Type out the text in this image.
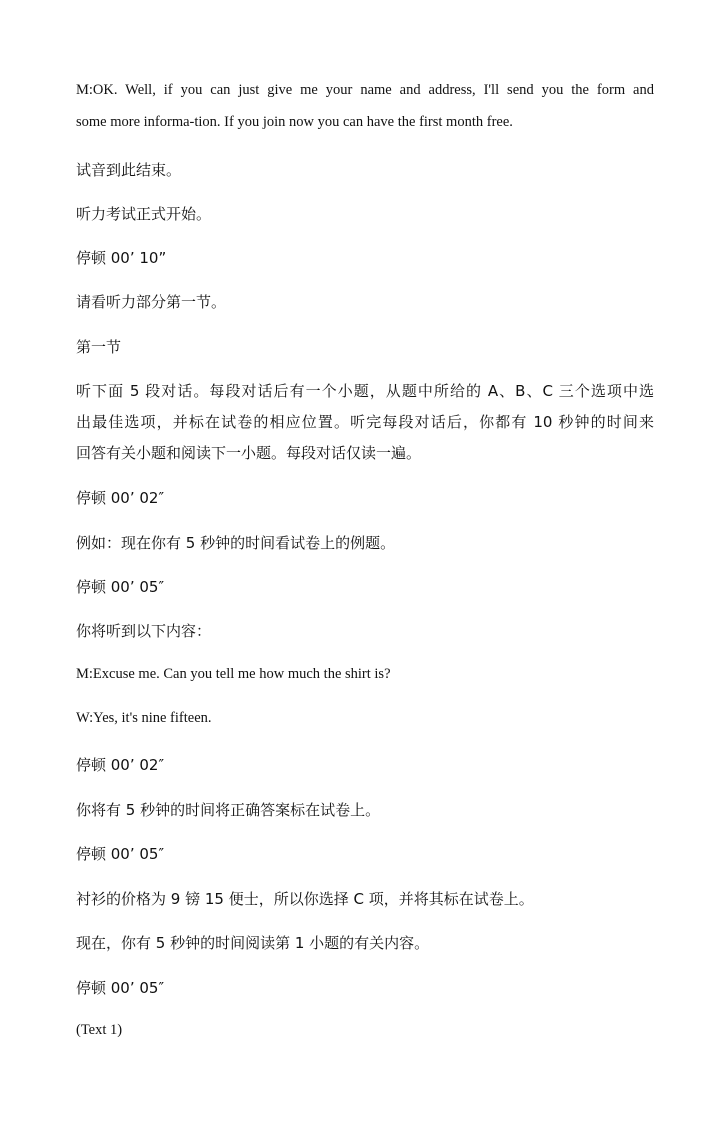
M:OK. Well, if you can just give me your name and address, I'll send you the form and
some more informa-tion. If you join now you can have the first month free.
试音到此结束。
听力考试正式开始。
停顿 00’ 10”
请看听力部分第一节。
第一节
听下面 5 段对话。每段对话后有一个小题，从题中所给的 A、B、C 三个选项中选
出最佳选项，并标在试卷的相应位置。听完每段对话后，你都有 10 秒钟的时间来
回答有关小题和阅读下一小题。每段对话仅读一遍。
停顿 00’ 02″
例如：现在你有 5 秒钟的时间看试卷上的例题。
停顿 00’ 05″
你将听到以下内容：
M:Excuse me. Can you tell me how much the shirt is?
W:Yes, it's nine fifteen.
停顿 00’ 02″
你将有 5 秒钟的时间将正确答案标在试卷上。
停顿 00’ 05″
衬衫的价格为 9 镑 15 便士，所以你选择 C 项，并将其标在试卷上。
现在，你有 5 秒钟的时间阅读第 1 小题的有关内容。
停顿 00’ 05″
(Text 1)
